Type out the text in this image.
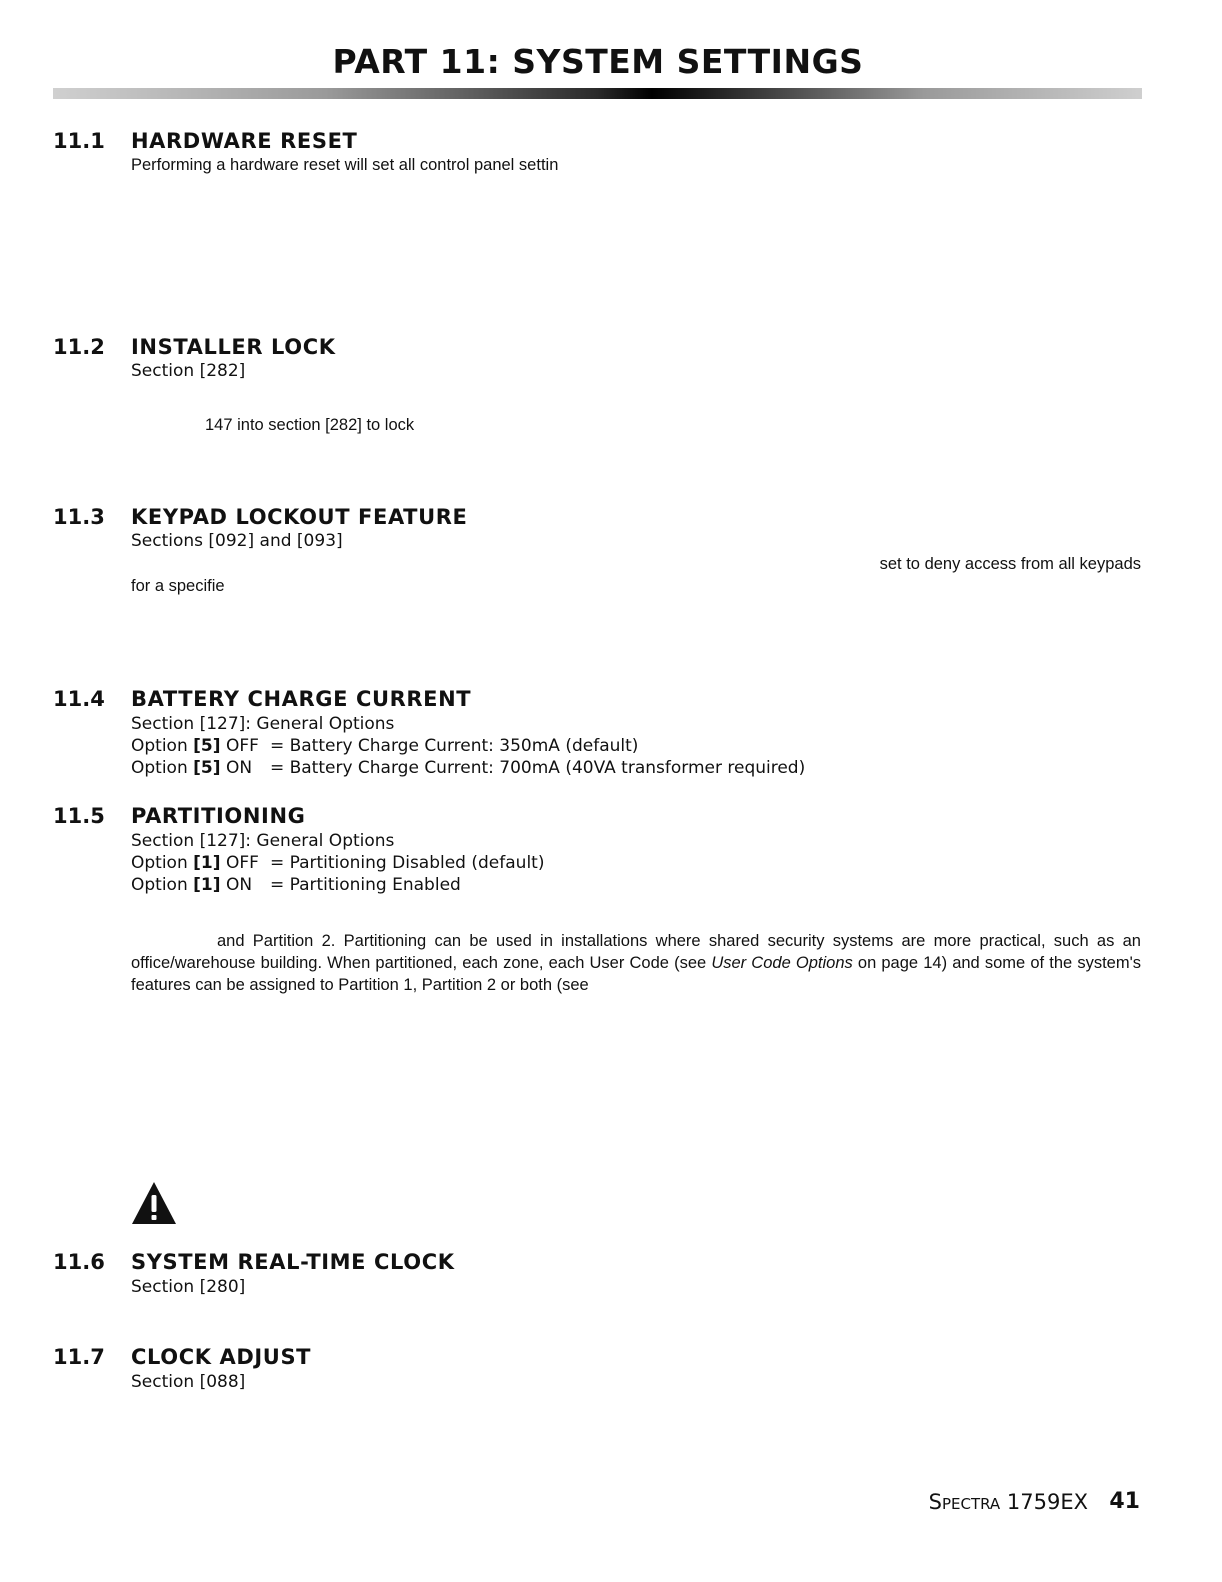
PART 11: SYSTEM SETTINGS
11.1 HARDWARE RESET
Performing a hardware reset will set all control panel settin
11.2 INSTALLER LOCK
Section [282]
147 into section [282] to lock
11.3 KEYPAD LOCKOUT FEATURE
Sections [092] and [093]
set to deny access from all keypads
for a specifie
11.4 BATTERY CHARGE CURRENT
Section [127]: General Options
Option [5] OFF = Battery Charge Current: 350mA (default)
Option [5] ON = Battery Charge Current: 700mA (40VA transformer required)
11.5 PARTITIONING
Section [127]: General Options
Option [1] OFF = Partitioning Disabled (default)
Option [1] ON = Partitioning Enabled
and Partition 2. Partitioning can be used in installations where shared security systems are more practical, such as an office/warehouse building. When partitioned, each zone, each User Code (see User Code Options on page 14) and some of the system's features can be assigned to Partition 1, Partition 2 or both (see
11.6 SYSTEM REAL-TIME CLOCK
Section [280]
11.7 CLOCK ADJUST
Section [088]
Spectra 1759EX 41
